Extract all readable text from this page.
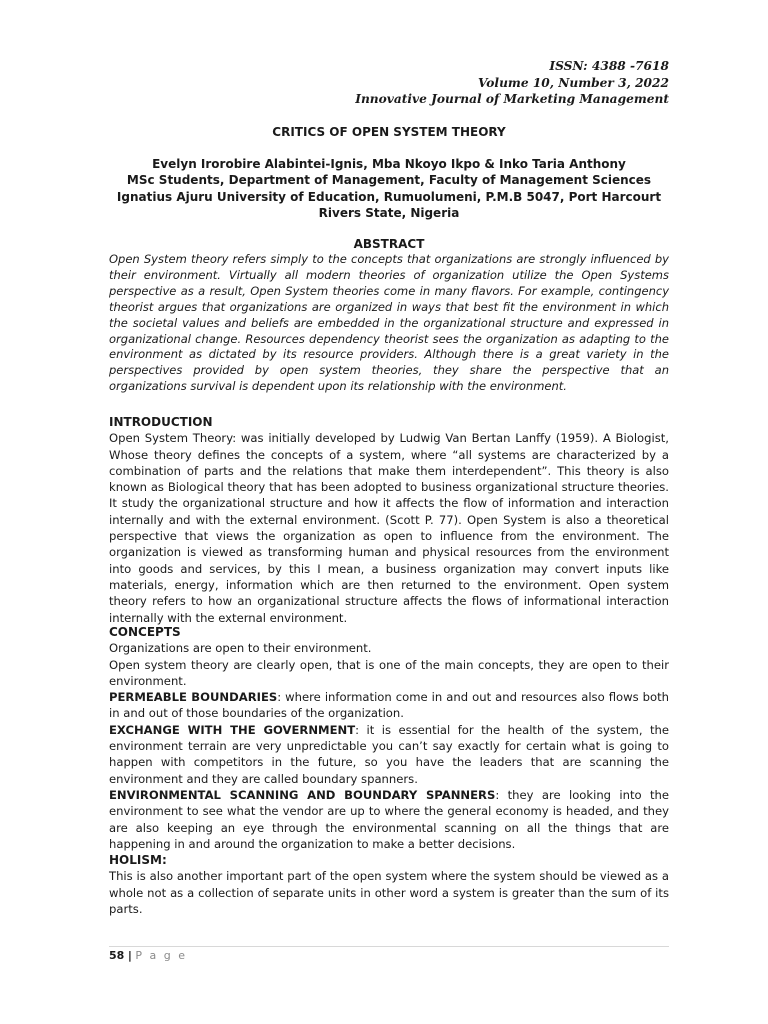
ISSN: 4388 -7618
Volume 10, Number 3, 2022
Innovative Journal of Marketing Management
CRITICS OF OPEN SYSTEM THEORY
Evelyn Irorobire Alabintei-Ignis, Mba Nkoyo Ikpo & Inko Taria Anthony
MSc Students, Department of Management, Faculty of Management Sciences
Ignatius Ajuru University of Education, Rumuolumeni, P.M.B 5047, Port Harcourt
Rivers State, Nigeria
ABSTRACT

Open System theory refers simply to the concepts that organizations are strongly influenced by their environment. Virtually all modern theories of organization utilize the Open Systems perspective as a result, Open System theories come in many flavors. For example, contingency theorist argues that organizations are organized in ways that best fit the environment in which the societal values and beliefs are embedded in the organizational structure and expressed in organizational change. Resources dependency theorist sees the organization as adapting to the environment as dictated by its resource providers. Although there is a great variety in the perspectives provided by open system theories, they share the perspective that an organizations survival is dependent upon its relationship with the environment.

INTRODUCTION

Open System Theory: was initially developed by Ludwig Van Bertan Lanffy (1959). A Biologist, Whose theory defines the concepts of a system, where “all systems are characterized by a combination of parts and the relations that make them interdependent”. This theory is also known as Biological theory that has been adopted to business organizational structure theories. It study the organizational structure and how it affects the flow of information and interaction internally and with the external environment. (Scott P. 77). Open System is also a theoretical perspective that views the organization as open to influence from the environment. The organization is viewed as transforming human and physical resources from the environment into goods and services, by this I mean, a business organization may convert inputs like materials, energy, information which are then returned to the environment. Open system theory refers to how an organizational structure affects the flows of informational interaction internally with the external environment.

CONCEPTS

Organizations are open to their environment.

Open system theory are clearly open, that is one of the main concepts, they are open to their environment.

PERMEABLE BOUNDARIES: where information come in and out and resources also flows both in and out of those boundaries of the organization.

EXCHANGE WITH THE GOVERNMENT: it is essential for the health of the system, the environment terrain are very unpredictable you can’t say exactly for certain what is going to happen with competitors in the future, so you have the leaders that are scanning the environment and they are called boundary spanners.

ENVIRONMENTAL SCANNING AND BOUNDARY SPANNERS: they are looking into the environment to see what the vendor are up to where the general economy is headed, and they are also keeping an eye through the environmental scanning on all the things that are happening in and around the organization to make a better decisions.

HOLISM:

This is also another important part of the open system where the system should be viewed as a whole not as a collection of separate units in other word a system is greater than the sum of its parts.

58 | P a g e
